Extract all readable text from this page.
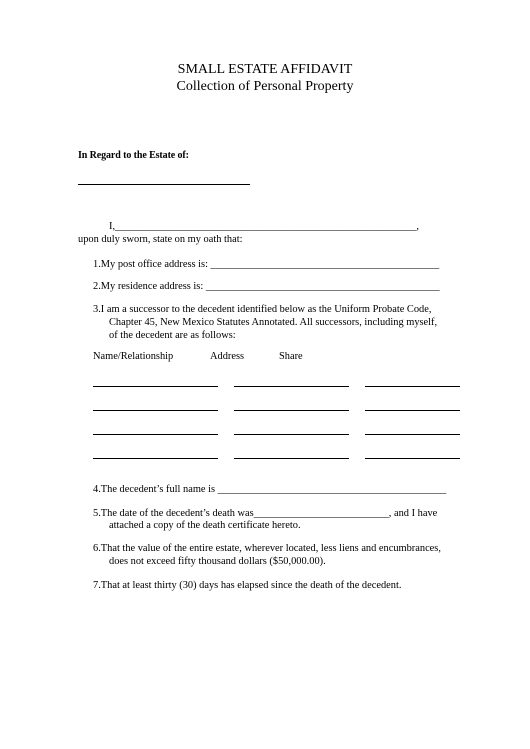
SMALL ESTATE AFFIDAVIT
Collection of Personal Property
In Regard to the Estate of:
I,__________________________________________________________,
upon duly sworn, state on my oath that:
1.My post office address is: ____________________________________________
2.My residence address is: _____________________________________________
3.I am a successor to the decedent identified below as the Uniform Probate Code,
Chapter 45, New Mexico Statutes Annotated. All successors, including myself,
of the decedent are as follows:
Name/Relationship	Address	Share
4.The decedent’s full name is ____________________________________________
5.The date of the decedent’s death was__________________________, and I have
attached a copy of the death certificate hereto.
6.That the value of the entire estate, wherever located, less liens and encumbrances,
does not exceed fifty thousand dollars ($50,000.00).
7.That at least thirty (30) days has elapsed since the death of the decedent.
